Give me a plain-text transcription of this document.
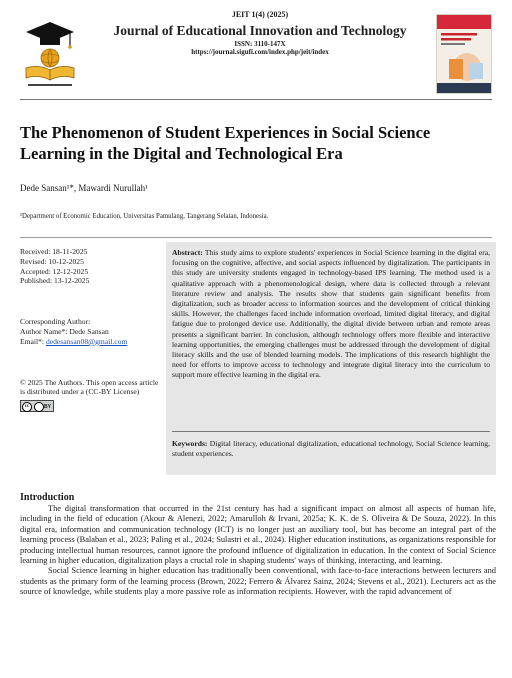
JEIT 1(4) (2025)
Journal of Educational Innovation and Technology
ISSN: 3110-147X
https://journal.sigufi.com/index.php/jeit/index
The Phenomenon of Student Experiences in Social Science Learning in the Digital and Technological Era
Dede Sansan¹*, Mawardi Nurullah¹
¹Department of Economic Education, Universitas Pamulang, Tangerang Selatan, Indonesia.
Received: 18-11-2025
Revised: 10-12-2025
Accepted: 12-12-2025
Published: 13-12-2025
Corresponding Author:
Author Name*: Dede Sansan
Email*: dedesansan08@gmail.com
© 2025 The Authors. This open access article is distributed under a (CC-BY License)
cc	BY
Abstract: This study aims to explore students' experiences in Social Science learning in the digital era, focusing on the cognitive, affective, and social aspects influenced by digitalization. The participants in this study are university students engaged in technology-based IPS learning. The method used is a qualitative approach with a phenomenological design, where data is collected through a relevant literature review and analysis. The results show that students gain significant benefits from digitalization, such as broader access to information sources and the development of critical thinking skills. However, the challenges faced include information overload, limited digital literacy, and digital fatigue due to prolonged device use. Additionally, the digital divide between urban and remote areas presents a significant barrier. In conclusion, although technology offers more flexible and interactive learning opportunities, the emerging challenges must be addressed through the development of digital literacy skills and the use of blended learning models. The implications of this research highlight the need for efforts to improve access to technology and integrate digital literacy into the curriculum to support more effective learning in the digital era.
Keywords: Digital literacy, educational digitalization, educational technology, Social Science learning, student experiences.
Introduction

The digital transformation that occurred in the 21st century has had a significant impact on almost all aspects of human life, including in the field of education (Akour & Alenezi, 2022; Amarulloh & Irvani, 2025a; K. K. de S. Oliveira & De Souza, 2022). In this digital era, information and communication technology (ICT) is no longer just an auxiliary tool, but has become an integral part of the learning process (Balaban et al., 2023; Paling et al., 2024; Sulastri et al., 2024). Higher education institutions, as organizations responsible for producing intellectual human resources, cannot ignore the profound influence of digitalization in education. In the context of Social Science learning in higher education, digitalization plays a crucial role in shaping students' ways of thinking, interacting, and learning.

Social Science learning in higher education has traditionally been conventional, with face-to-face interactions between lecturers and students as the primary form of the learning process (Brown, 2022; Ferrero & Álvarez Sainz, 2024; Stevens et al., 2021). Lecturers act as the source of knowledge, while students play a more passive role as information recipients. However, with the rapid advancement of
